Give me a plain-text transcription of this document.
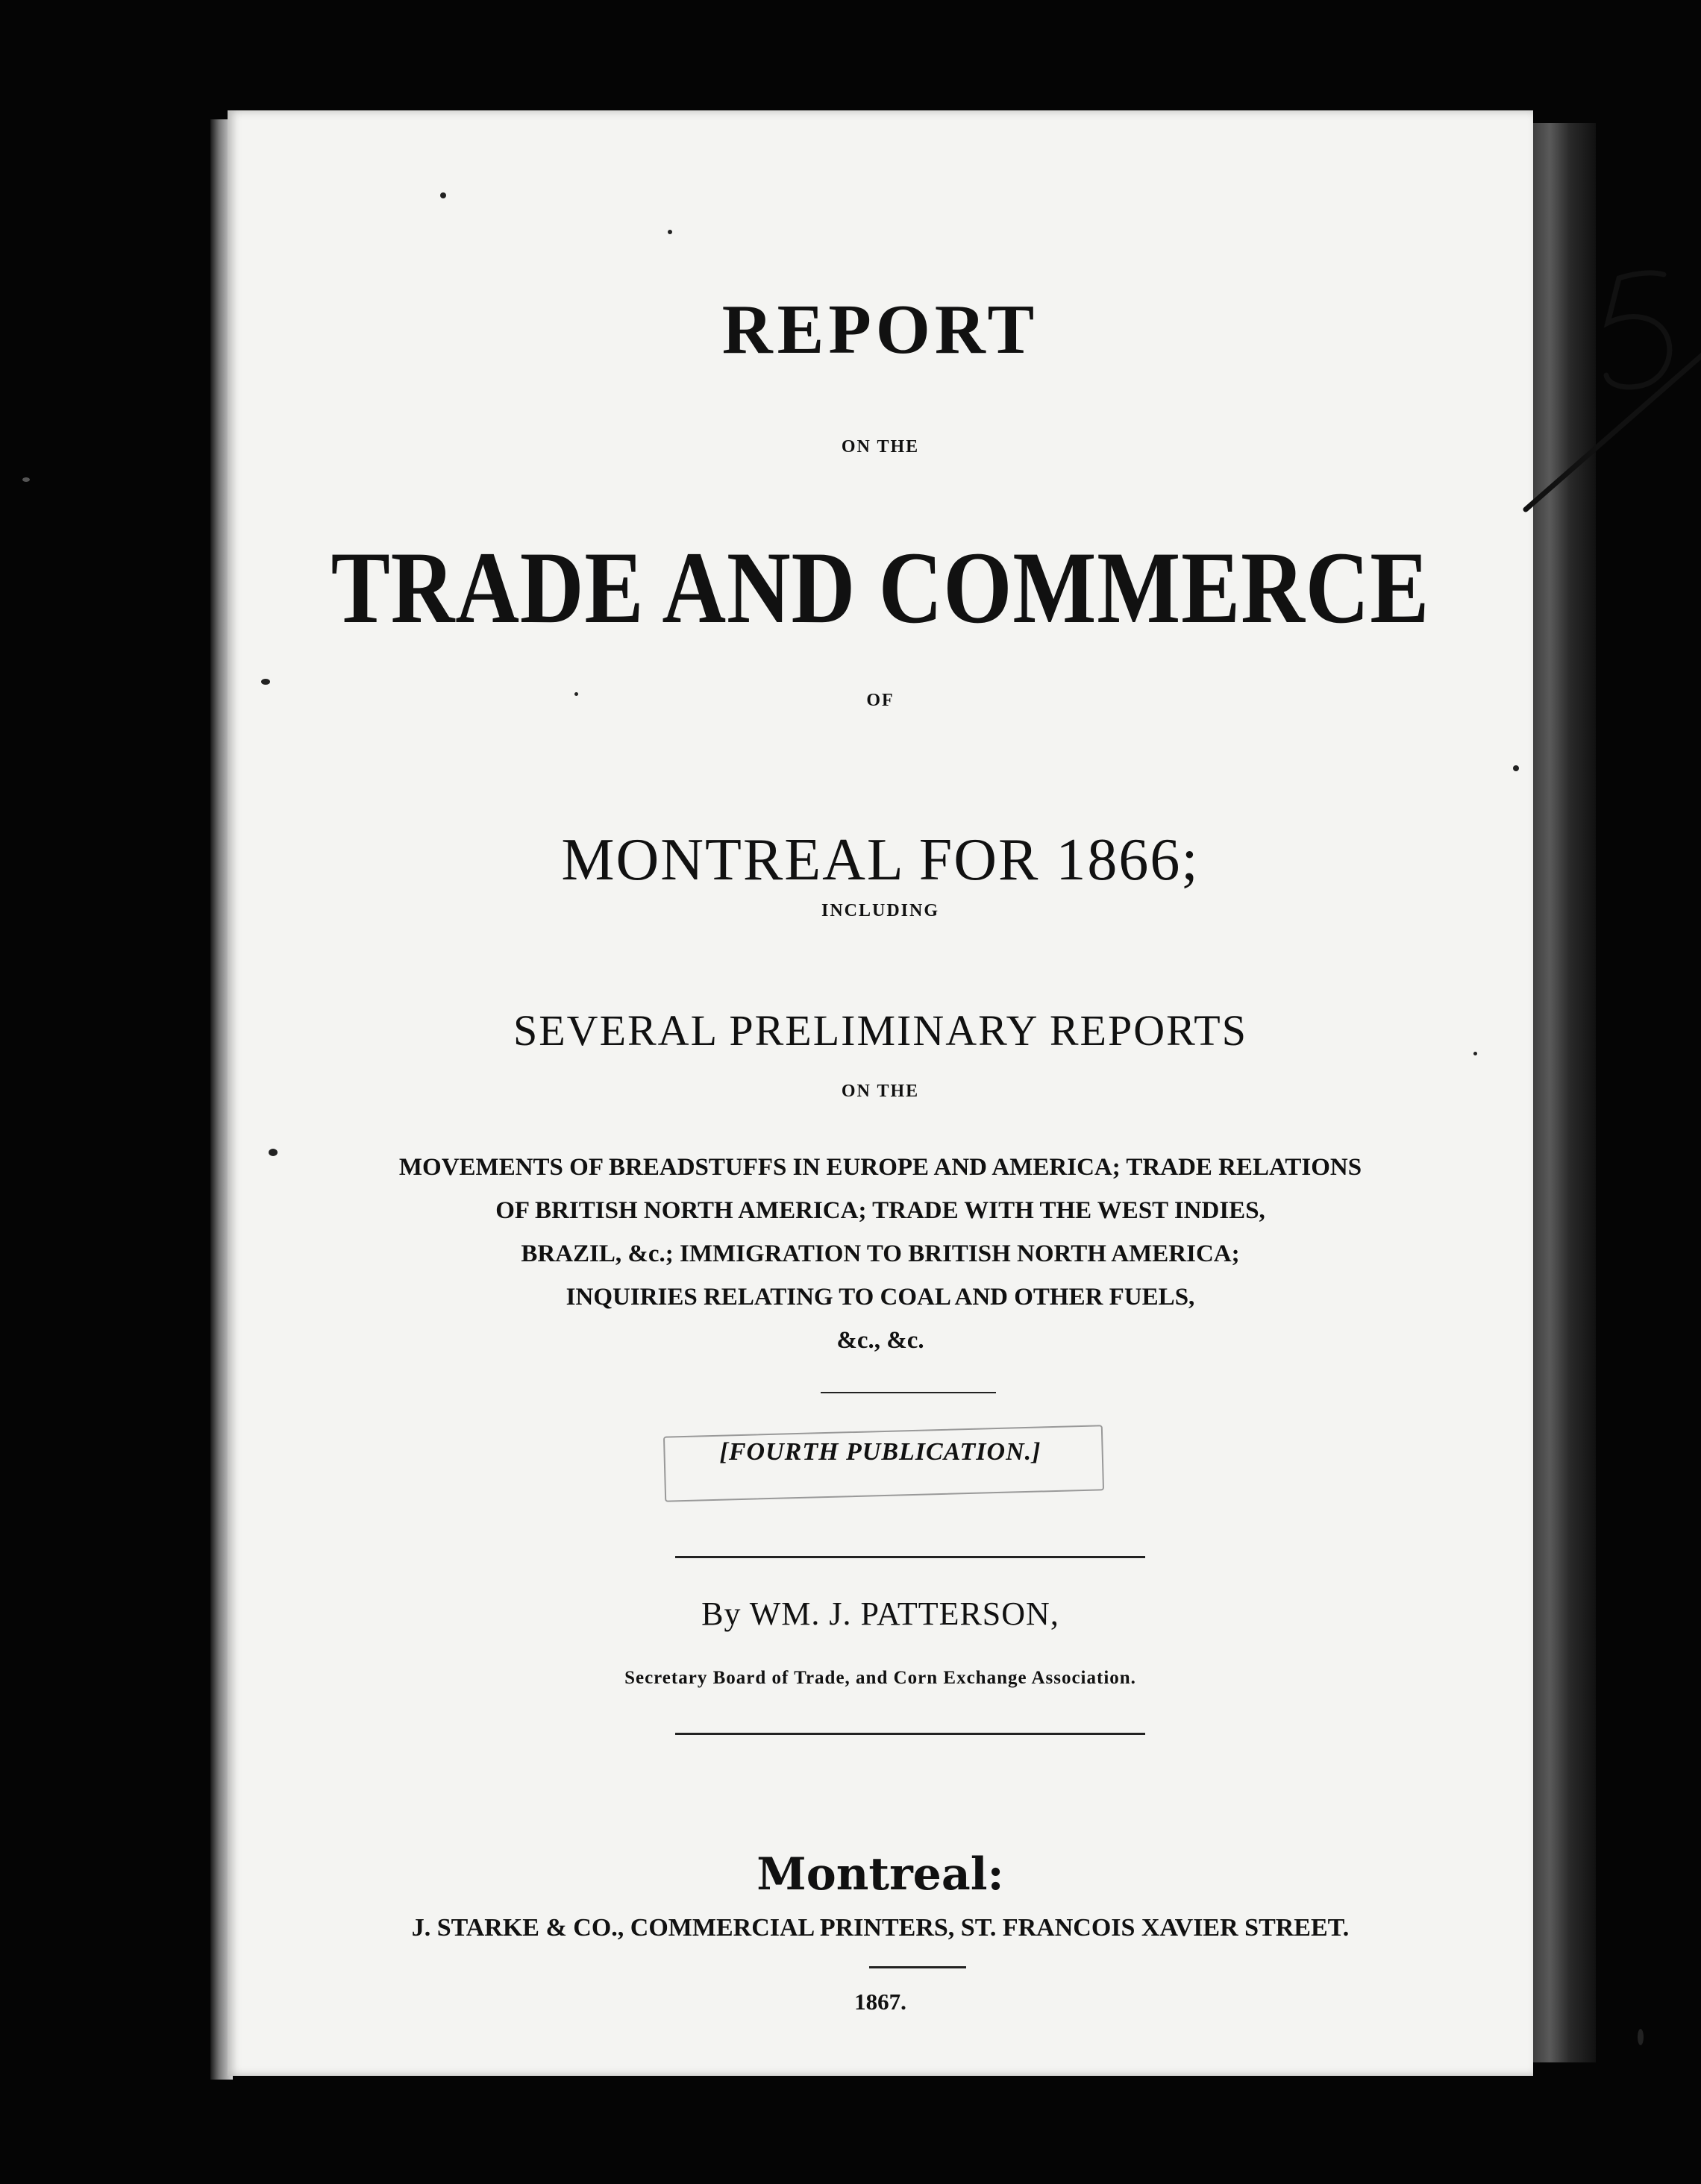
REPORT
ON THE
TRADE AND COMMERCE
OF
MONTREAL FOR 1866;
INCLUDING
SEVERAL PRELIMINARY REPORTS
ON THE
MOVEMENTS OF BREADSTUFFS IN EUROPE AND AMERICA; TRADE RELATIONS
OF BRITISH NORTH AMERICA; TRADE WITH THE WEST INDIES,
BRAZIL, &c.; IMMIGRATION TO BRITISH NORTH AMERICA;
INQUIRIES RELATING TO COAL AND OTHER FUELS,
&c., &c.
[FOURTH PUBLICATION.]
By WM. J. PATTERSON,
Secretary Board of Trade, and Corn Exchange Association.
Montreal:
J. STARKE & CO., COMMERCIAL PRINTERS, ST. FRANCOIS XAVIER STREET.
1867.
